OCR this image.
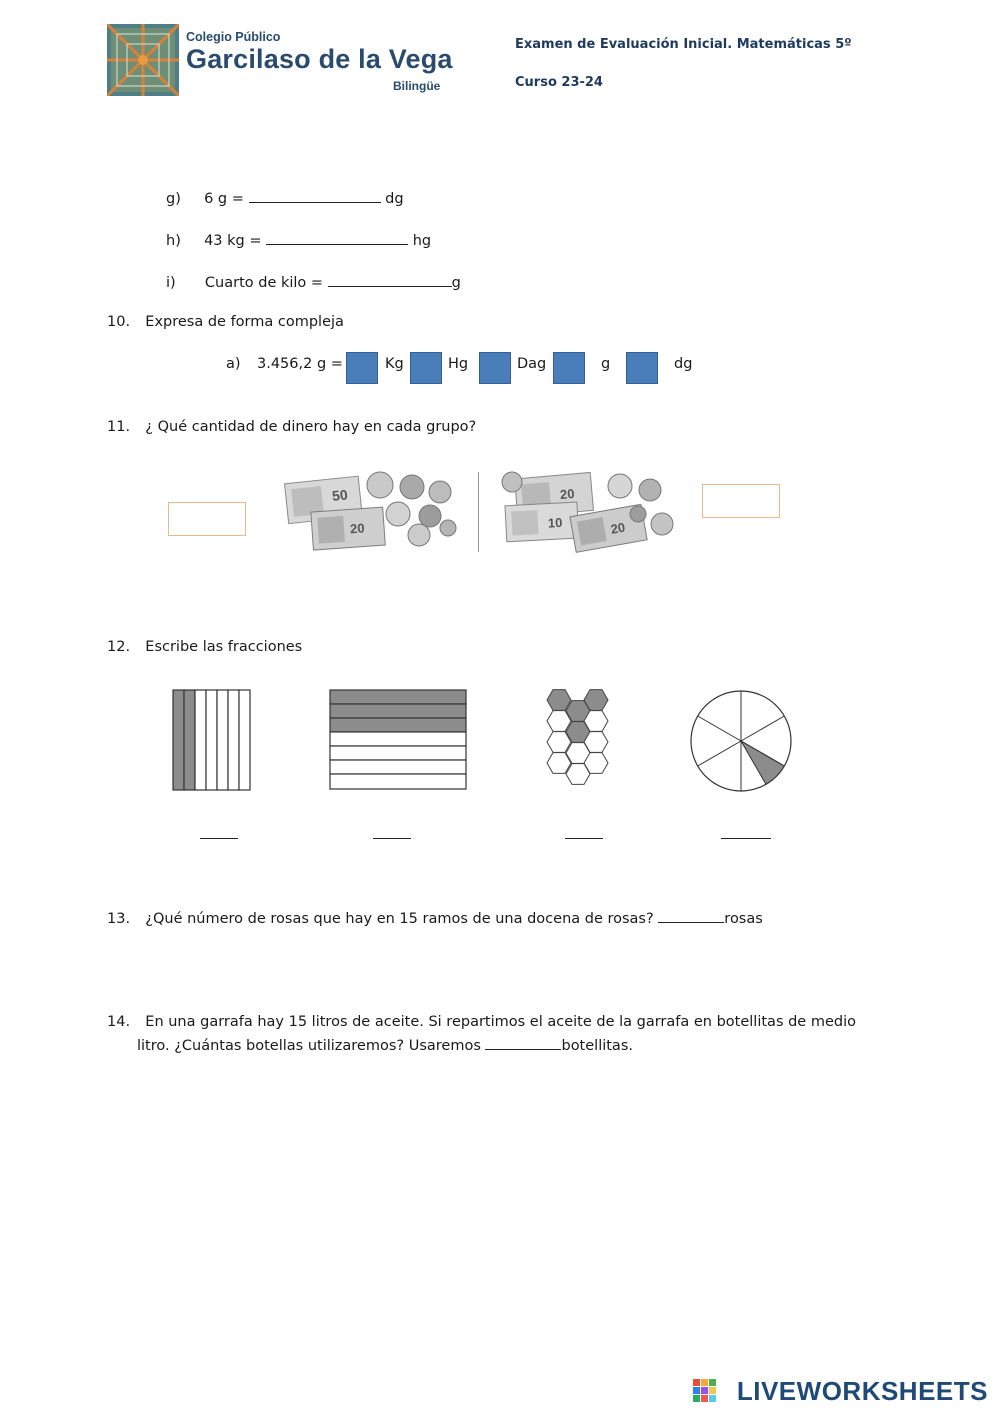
Colegio Público
Garcilaso de la Vega
Bilingüe
Examen de Evaluación Inicial. Matemáticas 5º
Curso 23-24
g) 6 g =	dg
h) 43 kg =	hg
i) Cuarto de kilo =	g
10. Expresa de forma compleja
a) 3.456,2 g =	Kg	Hg	Dag	g	dg
11. ¿ Qué cantidad de dinero hay en cada grupo?
50
20
20
10	20
12. Escribe las fracciones
13. ¿Qué número de rosas que hay en 15 ramos de una docena de rosas?	rosas
14. En una garrafa hay 15 litros de aceite. Si repartimos el aceite de la garrafa en botellitas de medio
litro. ¿Cuántas botellas utilizaremos? Usaremos	botellitas.
LIVEWORKSHEETS
